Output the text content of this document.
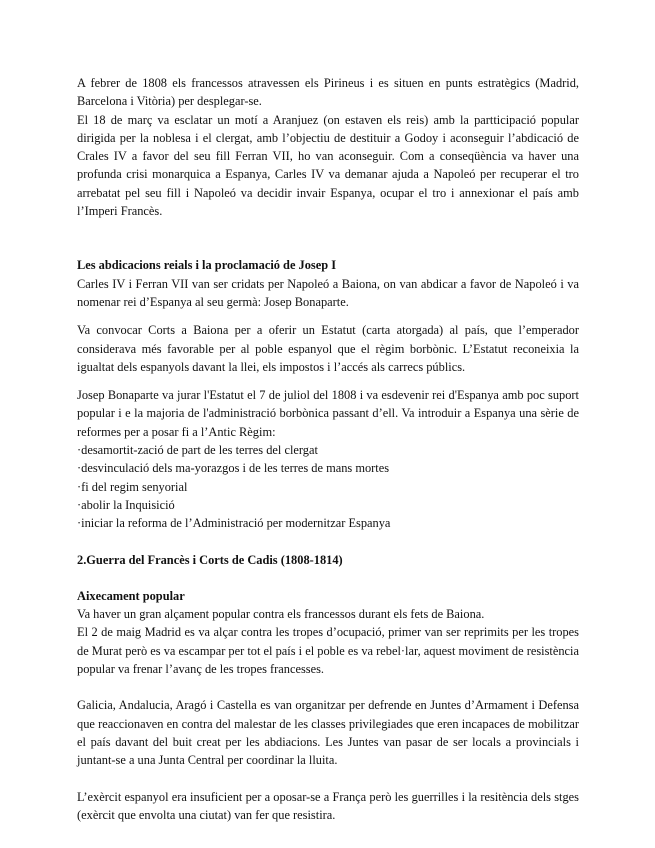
A febrer de 1808 els francessos atravessen els Pirineus i es situen en punts estratègics (Madrid, Barcelona i Vitòria) per desplegar-se.

El 18 de març va esclatar un motí a Aranjuez (on estaven els reis) amb la partticipació popular dirigida per la noblesa i el clergat, amb l’objectiu de destituir a Godoy i aconseguir l’abdicació de Crales IV a favor del seu fill Ferran VII, ho van aconseguir. Com a conseqüència va haver una profunda crisi monarquica a Espanya, Carles IV va demanar ajuda a Napoleó per recuperar el tro arrebatat pel seu fill i Napoleó va decidir invair Espanya, ocupar el tro i annexionar el país amb l’Imperi Francès.

Les abdicacions reials i la proclamació de Josep I

Carles IV i Ferran VII van ser cridats per Napoleó a Baiona, on van abdicar a favor de Napoleó i va nomenar rei d’Espanya al seu germà: Josep Bonaparte.

Va convocar Corts a Baiona per a oferir un Estatut (carta atorgada) al país, que l’emperador considerava més favorable per al poble espanyol que el règim borbònic. L’Estatut reconeixia la igualtat dels espanyols davant la llei, els impostos i l’accés als carrecs públics.

Josep Bonaparte va jurar l'Estatut el 7 de juliol del 1808 i va esdevenir rei d'Espanya amb poc suport popular i e la majoria de l'administració borbònica passant d’ell. Va introduir a Espanya una sèrie de reformes per a posar fi a l’Antic Règim:

·desamortit-zació de part de les terres del clergat

·desvinculació dels ma-yorazgos i de les terres de mans mortes

·fi del regim senyorial

·abolir la Inquisició

·iniciar la reforma de l’Administració per modernitzar Espanya

2.Guerra del Francès i Corts de Cadis (1808-1814)

Aixecament popular

Va haver un gran alçament popular contra els francessos durant els fets de Baiona.

El 2 de maig Madrid es va alçar contra les tropes d’ocupació, primer van ser reprimits per les tropes de Murat però es va escampar per tot el país i el poble es va rebel·lar, aquest moviment de resistència popular va frenar l’avanç de les tropes francesses.

Galicia, Andalucia, Aragó i Castella es van organitzar per defrende en Juntes d’Armament i Defensa que reaccionaven en contra del malestar de les classes privilegiades que eren incapaces de mobilitzar el país davant del buit creat per les abdiacions. Les Juntes van pasar de ser locals a provincials i juntant-se a una Junta Central per coordinar la lluita.

L’exèrcit espanyol era insuficient per a oposar-se a França però les guerrilles i la resitència dels stges (exèrcit que envolta una ciutat) van fer que resistira.
